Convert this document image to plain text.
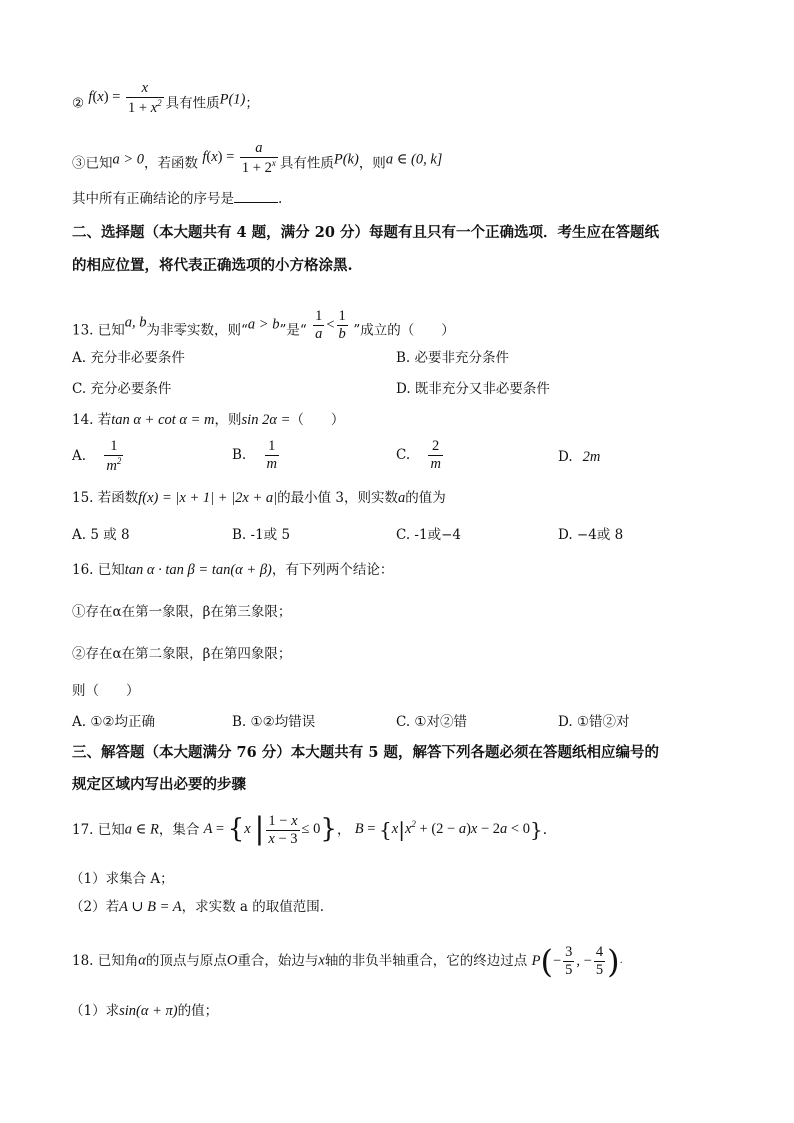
② $f(x) = \frac{x}{1 + x^2}$ 具有性质P(1)；
③已知a > 0，若函数 $f(x) = \frac{a}{1 + 2^x}$ 具有性质P(k)，则a ∈ (0, k]
其中所有正确结论的序号是	.
二、选择题（本大题共有 4 题，满分 20 分）每题有且只有一个正确选项．考生应在答题纸
的相应位置，将代表正确选项的小方格涂黑.
13. 已知a, b为非零实数，则“a > b”是“ $\frac{1}{a} < \frac{1}{b}$ ”成立的（　　）
A. 充分非必要条件	B. 必要非充分条件
C. 充分必要条件	D. 既非充分又非必要条件
14. 若tan α + cot α = m，则sin 2α =（　　）
A. $\frac{1}{m^2}$	B. $\frac{1}{m}$	C. $\frac{2}{m}$	D. 2m
15. 若函数f(x) = |x + 1| + |2x + a|的最小值 3，则实数a的值为
A. 5 或 8	B. -1或 5	C. -1或−4	D. −4或 8
16. 已知tan α · tan β = tan(α + β)，有下列两个结论：
①存在α在第一象限，β在第三象限；
②存在α在第二象限，β在第四象限；
则（　　）
A. ①②均正确	B. ①②均错误	C. ①对②错	D. ①错②对
三、解答题（本大题满分 76 分）本大题共有 5 题，解答下列各题必须在答题纸相应编号的
规定区域内写出必要的步骤
17. 已知a ∈ R，集合 A = {x | $\frac{1 - x}{x - 3} \le 0$}， $B = \{x|x^2 + (2 - a)x - 2a < 0\}$.
（1）求集合 A；
（2）若A ∪ B = A，求实数 a 的取值范围.
18. 已知角α的顶点与原点O重合，始边与x轴的非负半轴重合，它的终边过点 $P(- \frac{3}{5}$ , − $\frac{4}{5}$ ).
（1）求sin(α + π)的值；
